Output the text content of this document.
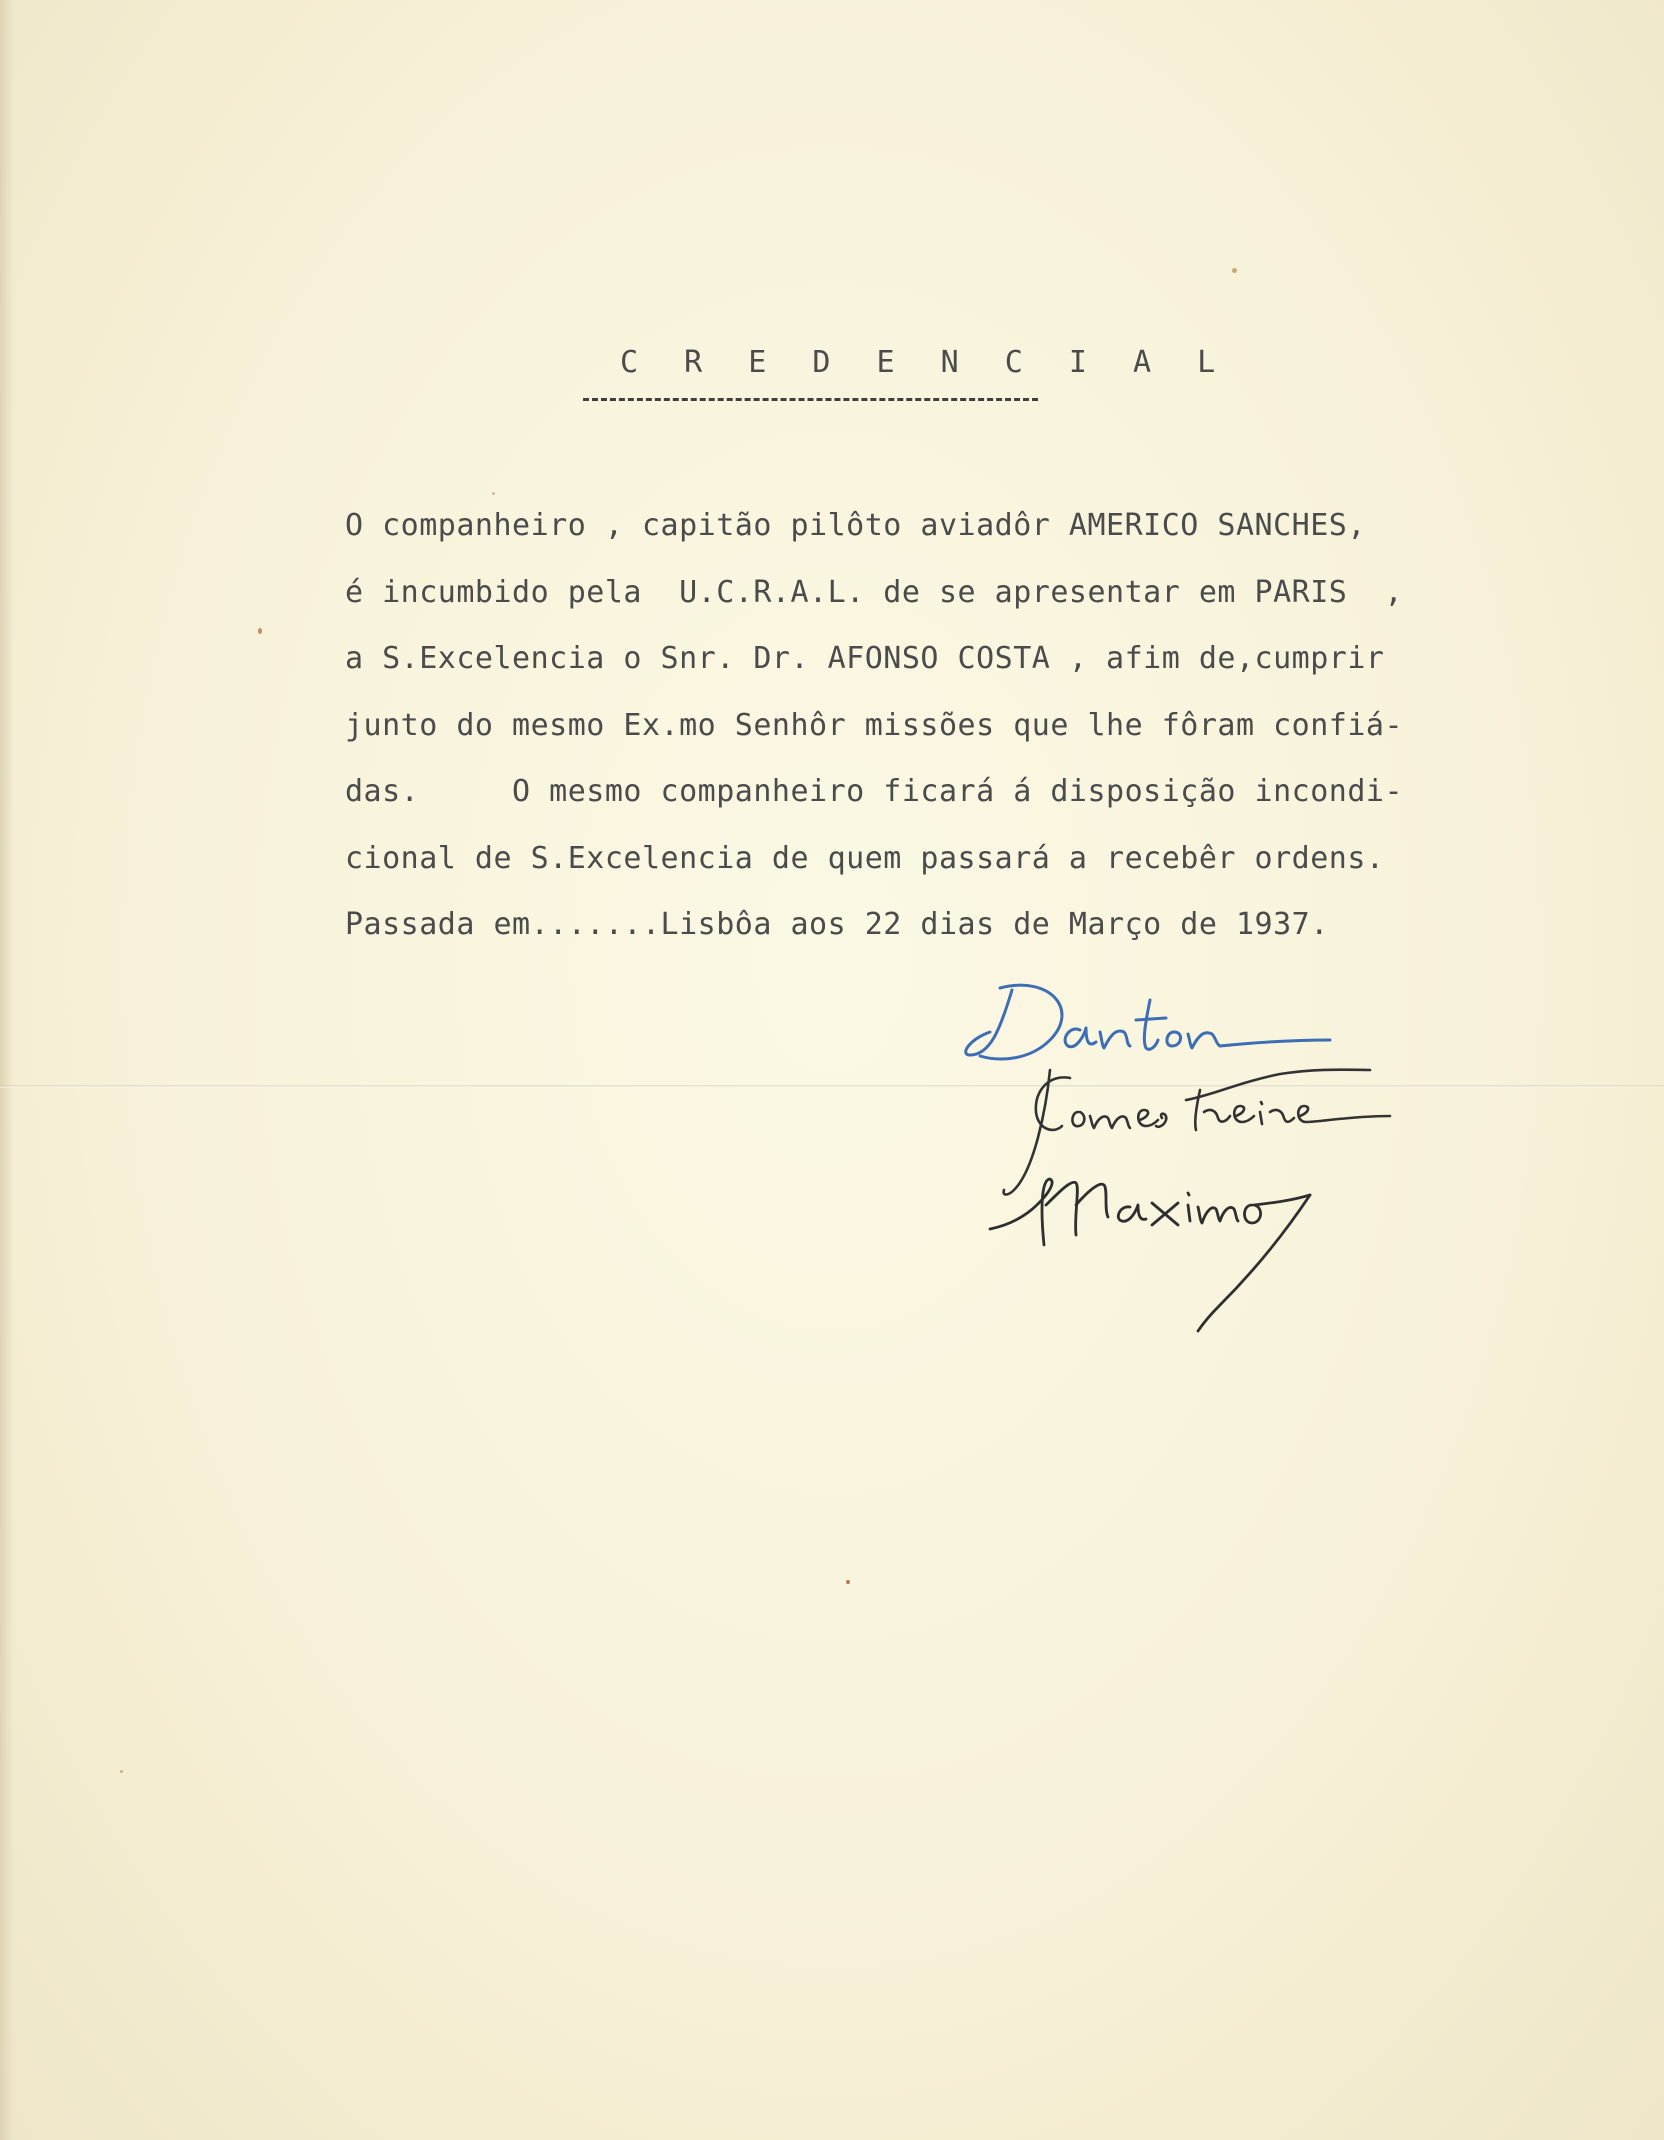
C R E D E N C I A L
O companheiro , capitão pilôto aviadôr AMERICO SANCHES,
é incumbido pela  U.C.R.A.L. de se apresentar em PARIS  ,
a S.Excelencia o Snr. Dr. AFONSO COSTA , afim de,cumprir
junto do mesmo Ex.mo Senhôr missões que lhe fôram confiá-
das.     O mesmo companheiro ficará á disposição incondi-
cional de S.Excelencia de quem passará a recebêr ordens.
Passada em.......Lisbôa aos 22 dias de Março de 1937.
